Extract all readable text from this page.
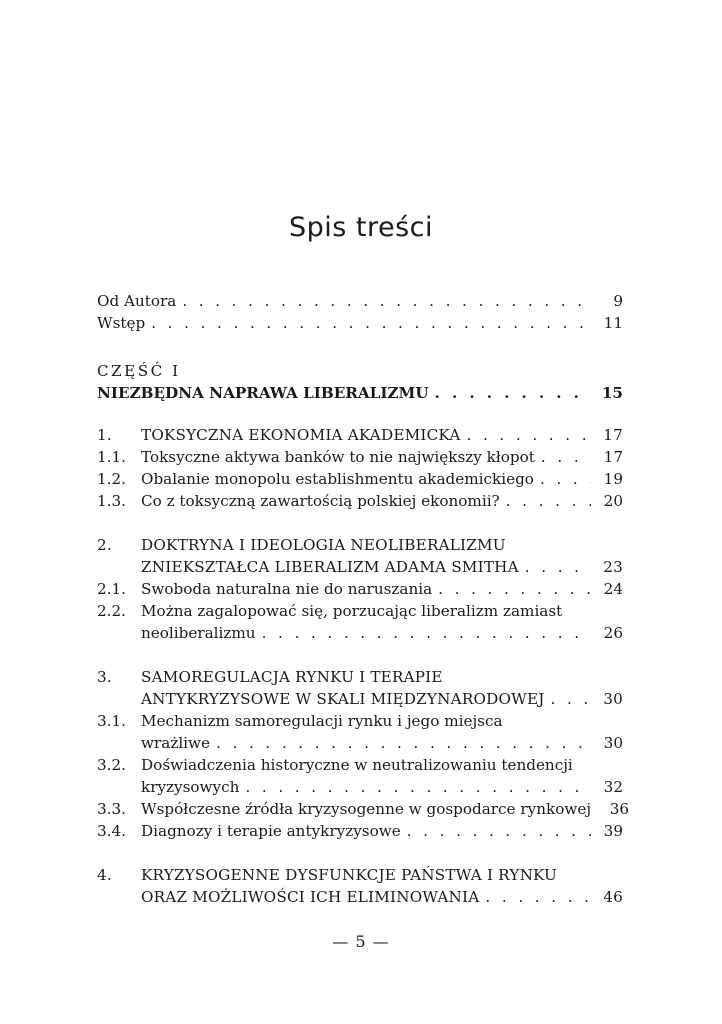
Spis treści
Od Autora . . .	9
Wstęp . . .	11
CZĘŚĆ I
NIEZBĘDNA NAPRAWA LIBERALIZMU . . .	15
1.	TOKSYCZNA EKONOMIA AKADEMICKA . . .	17
1.1. Toksyczne aktywa banków to nie największy kłopot . . .	17
1.2. Obalanie monopolu establishmentu akademickiego . . .	19
1.3. Co z toksyczną zawartością polskiej ekonomii? . . .	20
2.	DOKTRYNA I IDEOLOGIA NEOLIBERALIZMU
ZNIEKSZTAŁCA LIBERALIZM ADAMA SMITHA . . .	23
2.1. Swoboda naturalna nie do naruszania . . .	24
2.2. Można zagalopować się, porzucając liberalizm zamiast
neoliberalizmu . . .	26
3.	SAMOREGULACJA RYNKU I TERAPIE
ANTYKRYZYSOWE W SKALI MIĘDZYNARODOWEJ . . .	30
3.1. Mechanizm samoregulacji rynku i jego miejsca
wrażliwe . . .	30
3.2. Doświadczenia historyczne w neutralizowaniu tendencji
kryzysowych . . .	32
3.3. Współczesne źródła kryzysogenne w gospodarce rynkowej	36
3.4. Diagnozy i terapie antykryzysowe . . .	39
4.	KRYZYSOGENNE DYSFUNKCJE PAŃSTWA I RYNKU
ORAZ MOŻLIWOŚCI ICH ELIMINOWANIA . . .	46
— 5 —
